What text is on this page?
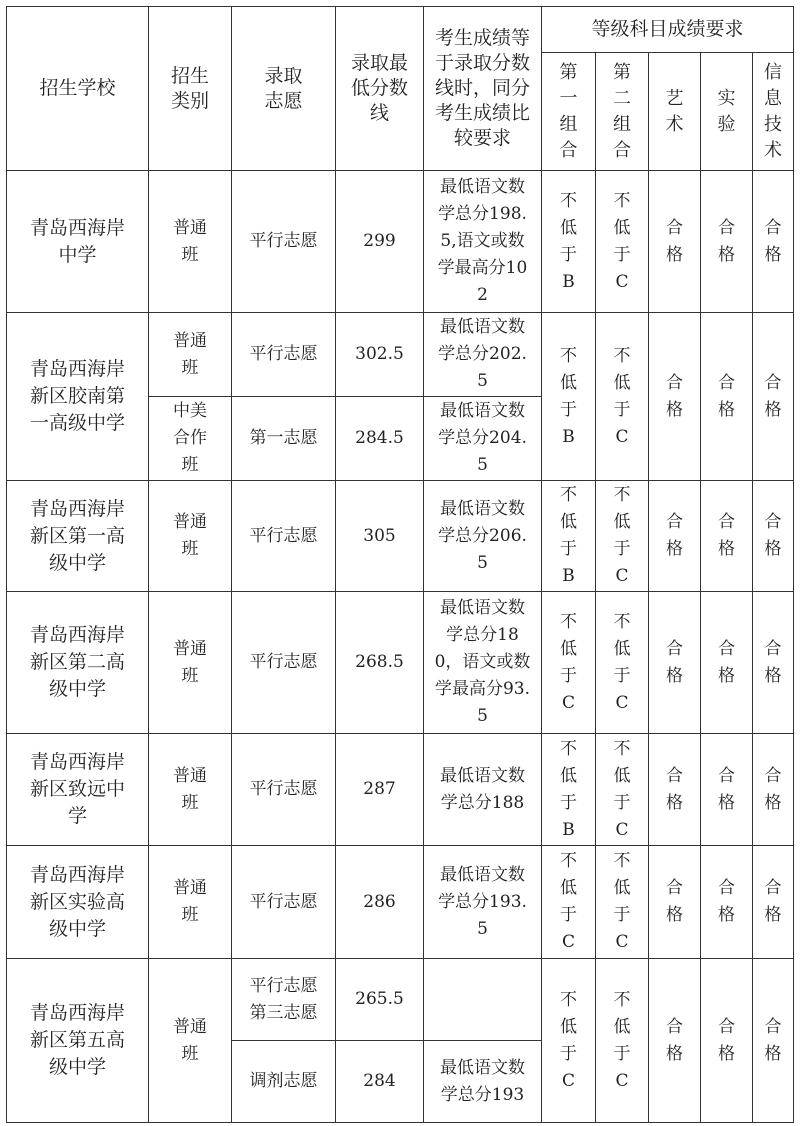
招生学校	招生类别	录取志愿	录取最低分数线	考生成绩等于录取分数线时，同分考生成绩比较要求	等级科目成绩要求				
					第一组合	第二组合	艺术	实验	信息技术
青岛西海岸中学	普通班	平行志愿	299	最低语文数学总分198.5,语文或数学最高分102	不低于B	不低于C	合格	合格	合格
青岛西海岸新区胶南第一高级中学	普通班	平行志愿	302.5	最低语文数学总分202.5	不低于B	不低于C	合格	合格	合格
	中美合作班	第一志愿	284.5	最低语文数学总分204.5					
青岛西海岸新区第一高级中学	普通班	平行志愿	305	最低语文数学总分206.5	不低于B	不低于C	合格	合格	合格
青岛西海岸新区第二高级中学	普通班	平行志愿	268.5	最低语文数学总分180，语文或数学最高分93.5	不低于C	不低于C	合格	合格	合格
青岛西海岸新区致远中学	普通班	平行志愿	287	最低语文数学总分188	不低于B	不低于C	合格	合格	合格
青岛西海岸新区实验高级中学	普通班	平行志愿	286	最低语文数学总分193.5	不低于C	不低于C	合格	合格	合格
青岛西海岸新区第五高级中学	普通班	平行志愿第三志愿	265.5		不低于C	不低于C	合格	合格	合格
		调剂志愿	284	最低语文数学总分193					
